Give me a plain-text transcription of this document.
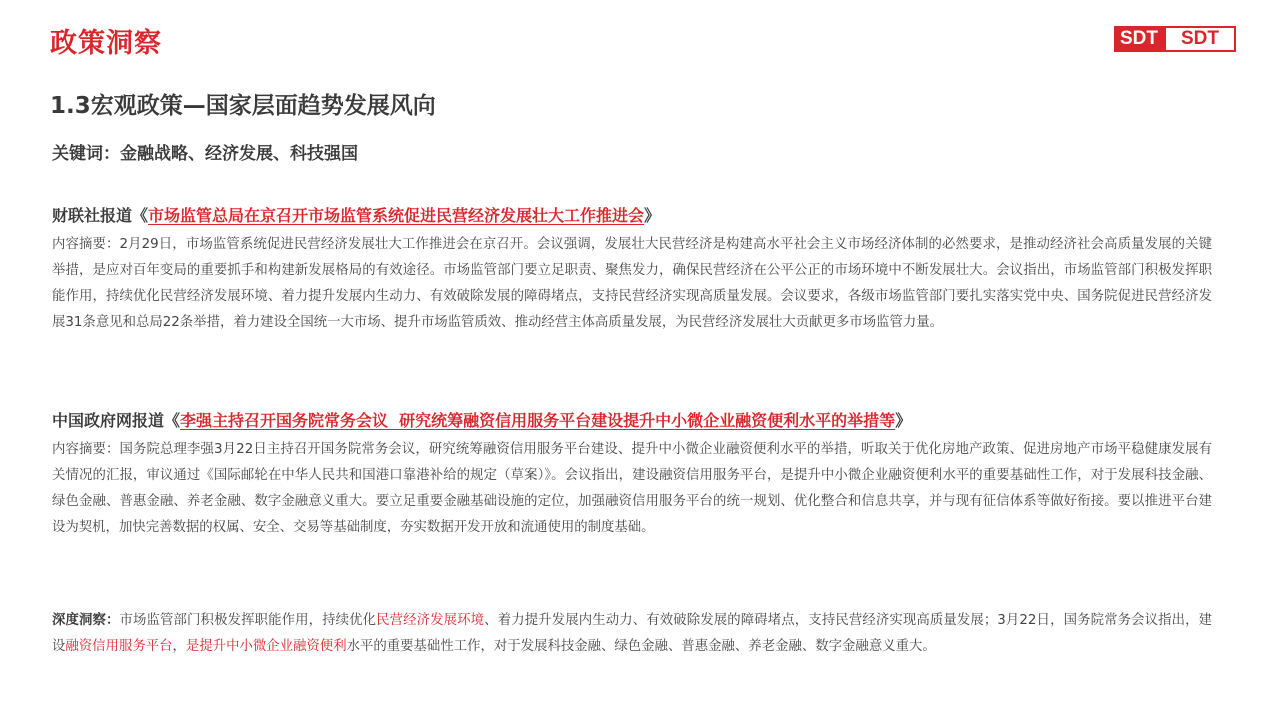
政策洞察	SDT	SDT
1.3宏观政策—国家层面趋势发展风向
关键词：金融战略、经济发展、科技强国
财联社报道《市场监管总局在京召开市场监管系统促进民营经济发展壮大工作推进会》
内容摘要：2月29日，市场监管系统促进民营经济发展壮大工作推进会在京召开。会议强调，发展壮大民营经济是构建高水平社会主义市场经济体制的必然要求，是推动经济社会高质量发展的关键举措，是应对百年变局的重要抓手和构建新发展格局的有效途径。市场监管部门要立足职责、聚焦发力，确保民营经济在公平公正的市场环境中不断发展壮大。会议指出，市场监管部门积极发挥职能作用，持续优化民营经济发展环境、着力提升发展内生动力、有效破除发展的障碍堵点，支持民营经济实现高质量发展。会议要求，各级市场监管部门要扎实落实党中央、国务院促进民营经济发展31条意见和总局22条举措，着力建设全国统一大市场、提升市场监管质效、推动经营主体高质量发展，为民营经济发展壮大贡献更多市场监管力量。
中国政府网报道《李强主持召开国务院常务会议  研究统筹融资信用服务平台建设提升中小微企业融资便利水平的举措等》
内容摘要：国务院总理李强3月22日主持召开国务院常务会议，研究统筹融资信用服务平台建设、提升中小微企业融资便利水平的举措，听取关于优化房地产政策、促进房地产市场平稳健康发展有关情况的汇报，审议通过《国际邮轮在中华人民共和国港口靠港补给的规定（草案）》。会议指出，建设融资信用服务平台，是提升中小微企业融资便利水平的重要基础性工作，对于发展科技金融、绿色金融、普惠金融、养老金融、数字金融意义重大。要立足重要金融基础设施的定位，加强融资信用服务平台的统一规划、优化整合和信息共享，并与现有征信体系等做好衔接。要以推进平台建设为契机，加快完善数据的权属、安全、交易等基础制度，夯实数据开发开放和流通使用的制度基础。
深度洞察：市场监管部门积极发挥职能作用，持续优化民营经济发展环境、着力提升发展内生动力、有效破除发展的障碍堵点，支持民营经济实现高质量发展；3月22日，国务院常务会议指出，建设融资信用服务平台，是提升中小微企业融资便利水平的重要基础性工作，对于发展科技金融、绿色金融、普惠金融、养老金融、数字金融意义重大。
